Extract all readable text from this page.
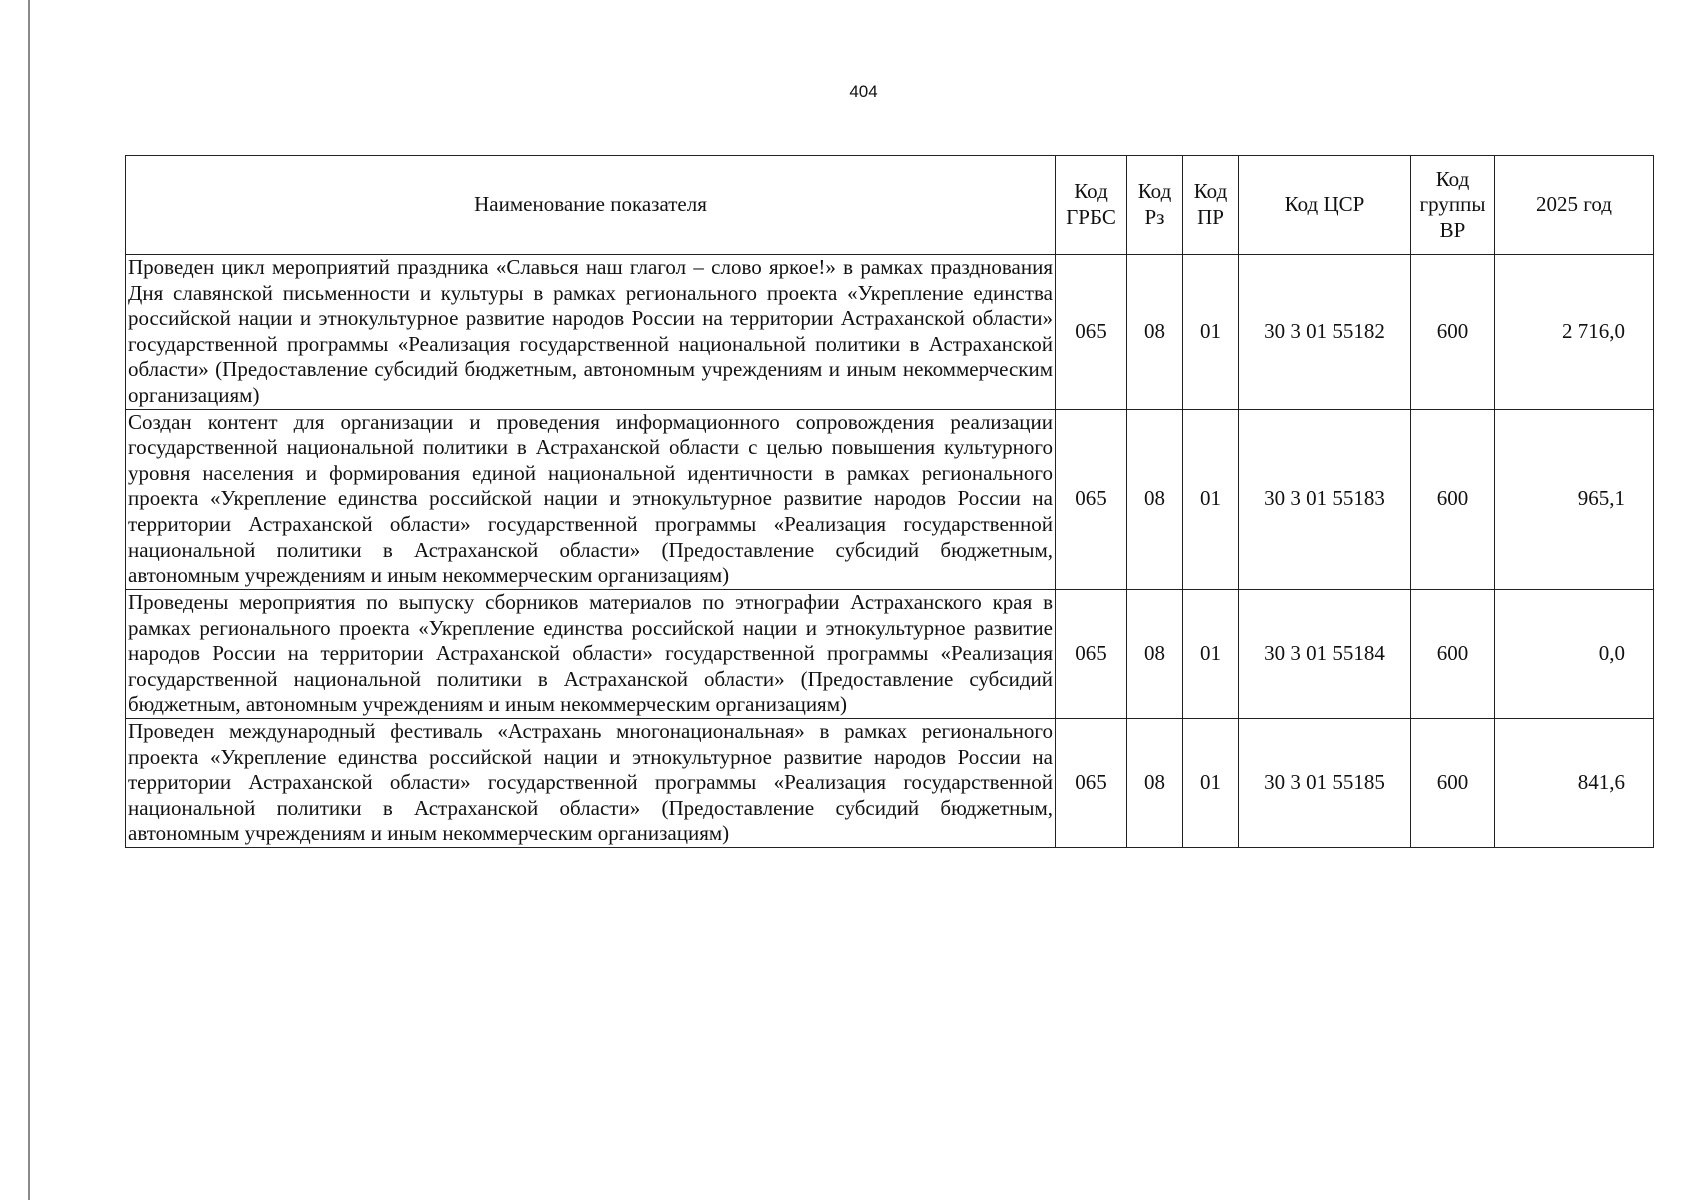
404
Наименование показателя	Код ГРБС	Код Рз	Код ПР	Код ЦСР	Код группы ВР	2025 год
Проведен цикл мероприятий праздника «Славься наш глагол – слово яркое!» в рамках празднования Дня славянской письменности и культуры в рамках регионального проекта «Укрепление единства российской нации и этнокультурное развитие народов России на территории Астраханской области» государственной программы «Реализация государственной национальной политики в Астраханской области» (Предоставление субсидий бюджетным, автономным учреждениям и иным некоммерческим организациям)	065	08	01	30 3 01 55182	600	2 716,0
Создан контент для организации и проведения информационного сопровождения реализации государственной национальной политики в Астраханской области с целью повышения культурного уровня населения и формирования единой национальной идентичности в рамках регионального проекта «Укрепление единства российской нации и этнокультурное развитие народов России на территории Астраханской области» государственной программы «Реализация государственной национальной политики в Астраханской области» (Предоставление субсидий бюджетным, автономным учреждениям и иным некоммерческим организациям)	065	08	01	30 3 01 55183	600	965,1
Проведены мероприятия по выпуску сборников материалов по этнографии Астраханского края в рамках регионального проекта «Укрепление единства российской нации и этнокультурное развитие народов России на территории Астраханской области» государственной программы «Реализация государственной национальной политики в Астраханской области» (Предоставление субсидий бюджетным, автономным учреждениям и иным некоммерческим организациям)	065	08	01	30 3 01 55184	600	0,0
Проведен международный фестиваль «Астрахань многонациональная» в рамках регионального проекта «Укрепление единства российской нации и этнокультурное развитие народов России на территории Астраханской области» государственной программы «Реализация государственной национальной политики в Астраханской области» (Предоставление субсидий бюджетным, автономным учреждениям и иным некоммерческим организациям)	065	08	01	30 3 01 55185	600	841,6
